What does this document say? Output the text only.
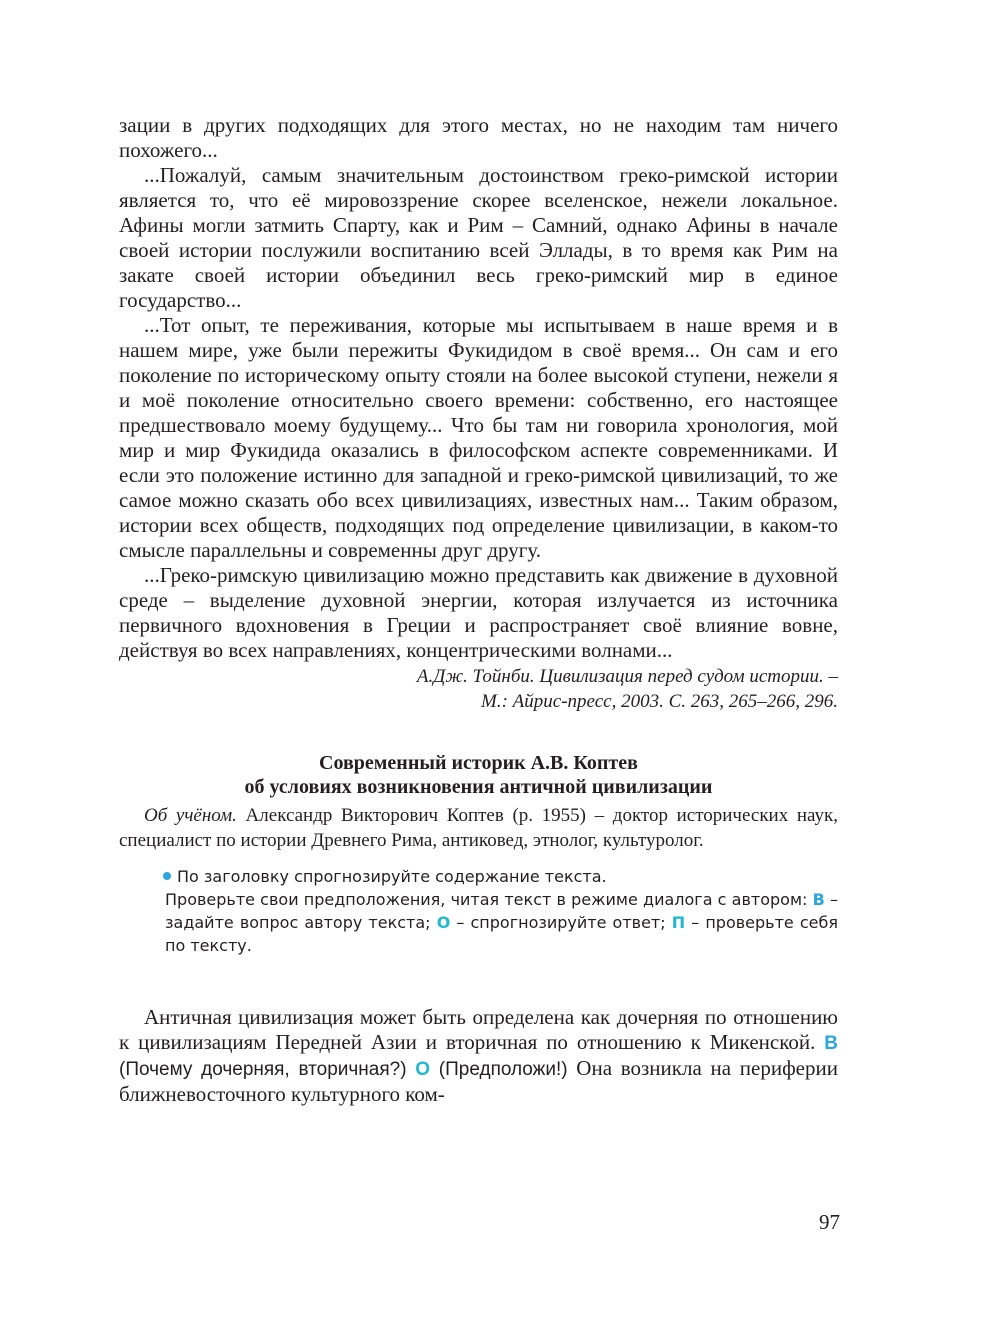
зации в других подходящих для этого местах, но не находим там ничего похожего...

...Пожалуй, самым значительным достоинством греко-римской истории является то, что её мировоззрение скорее вселенское, нежели локальное. Афины могли затмить Спарту, как и Рим – Самний, однако Афины в начале своей истории послужили воспитанию всей Эллады, в то время как Рим на закате своей истории объединил весь греко-римский мир в единое государство...

...Тот опыт, те переживания, которые мы испытываем в наше время и в нашем мире, уже были пережиты Фукидидом в своё время... Он сам и его поколение по историческому опыту стояли на более высокой ступени, нежели я и моё поколение относительно своего времени: собственно, его настоящее предшествовало моему будущему... Что бы там ни говорила хронология, мой мир и мир Фукидида оказались в философском аспекте современниками. И если это положение истинно для западной и греко-римской цивилизаций, то же самое можно сказать обо всех цивилизациях, известных нам... Таким образом, истории всех обществ, подходящих под определение цивилизации, в каком-то смысле параллельны и современны друг другу.

...Греко-римскую цивилизацию можно представить как движение в духовной среде – выделение духовной энергии, которая излучается из источника первичного вдохновения в Греции и распространяет своё влияние вовне, действуя во всех направлениях, концентрическими волнами...

А.Дж. Тойнби. Цивилизация перед судом истории. –
М.: Айрис-пресс, 2003. С. 263, 265–266, 296.
Современный историк А.В. Коптев
об условиях возникновения античной цивилизации

Об учёном. Александр Викторович Коптев (р. 1955) – доктор исторических наук, специалист по истории Древнего Рима, антиковед, этнолог, культуролог.

По заголовку спрогнозируйте содержание текста.
Проверьте свои предположения, читая текст в режиме диалога с автором: В – задайте вопрос автору текста; О – спрогнозируйте ответ; П – проверьте себя по тексту.

Античная цивилизация может быть определена как дочерняя по отношению к цивилизациям Передней Азии и вторичная по отношению к Микенской. В (Почему дочерняя, вторичная?) О (Предположи!) Она возникла на периферии ближневосточного культурного ком-

97
